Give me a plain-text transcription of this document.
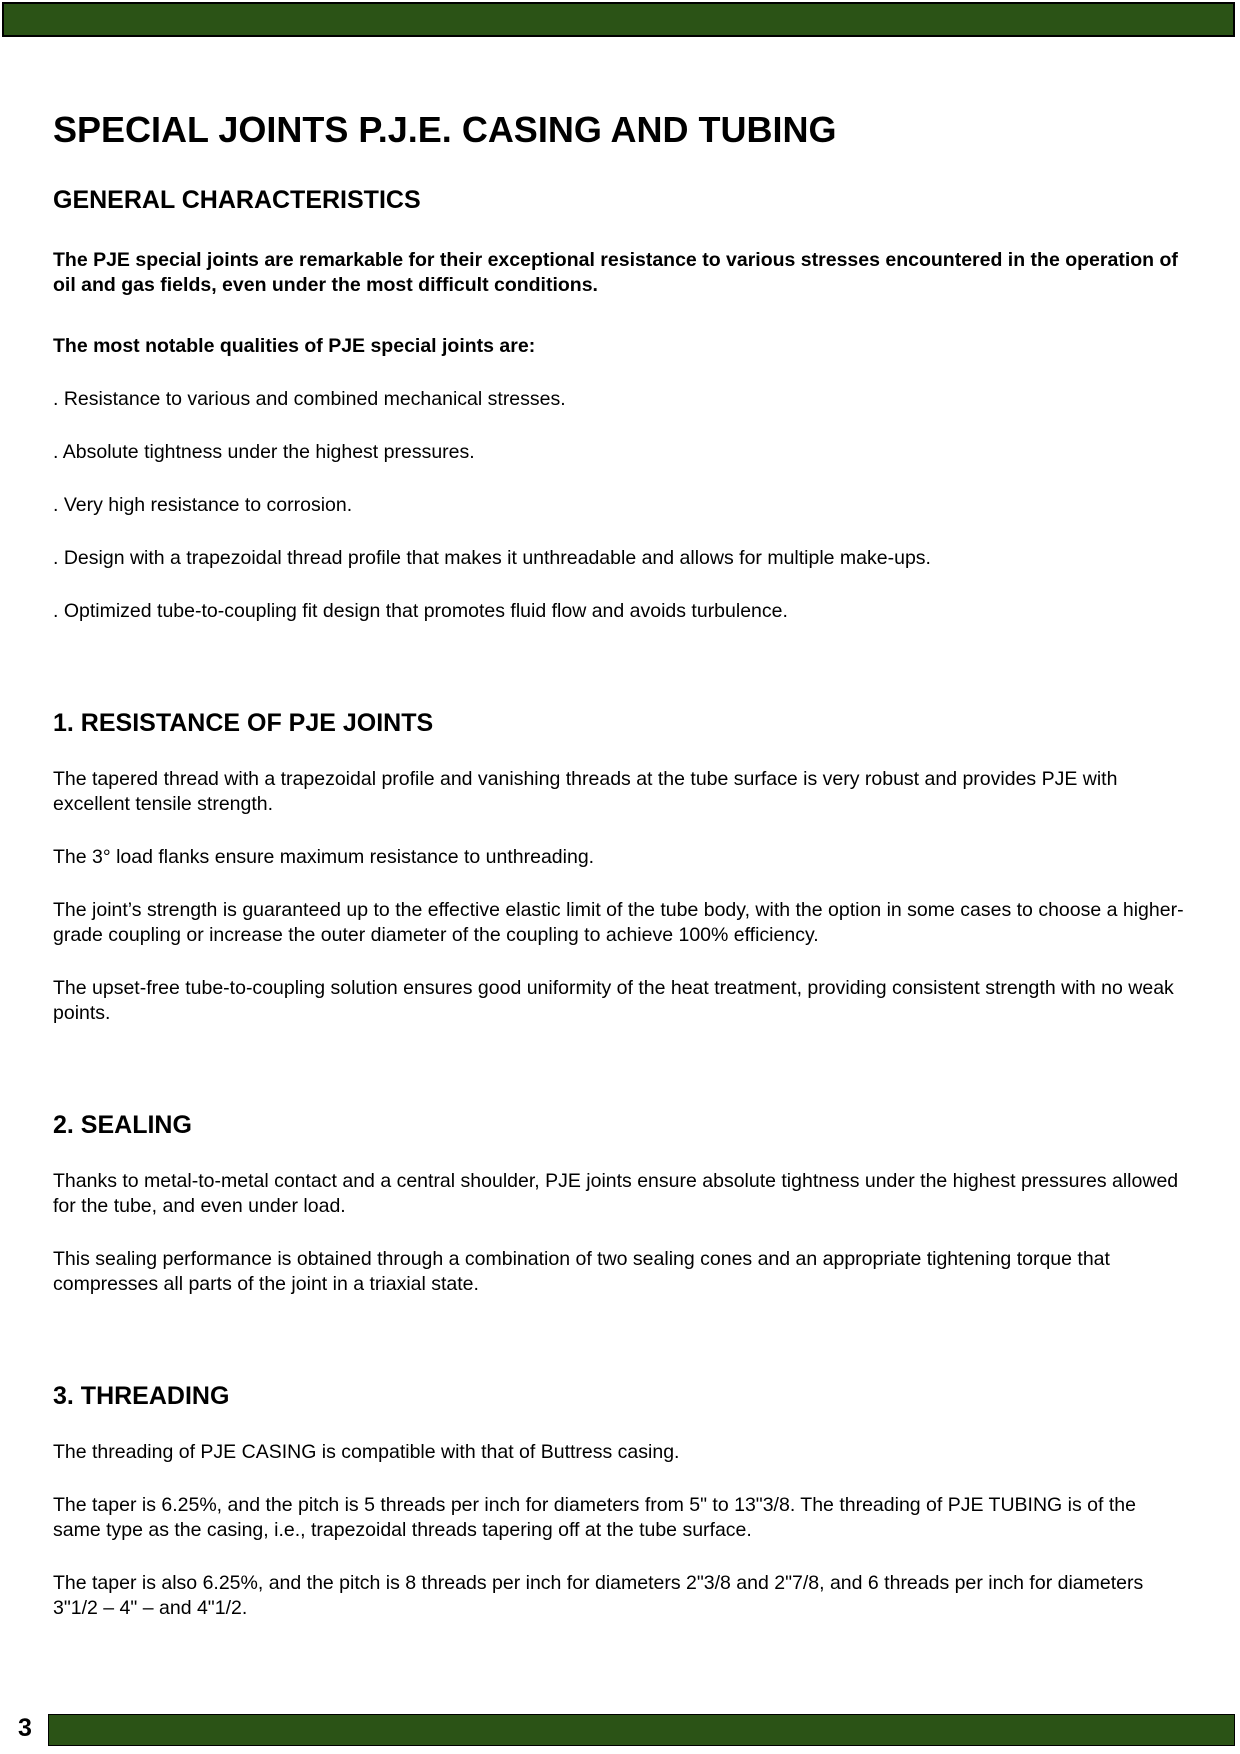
SPECIAL JOINTS P.J.E. CASING AND TUBING
GENERAL CHARACTERISTICS

The PJE special joints are remarkable for their exceptional resistance to various stresses encountered in the operation of oil and gas fields, even under the most difficult conditions.

The most notable qualities of PJE special joints are:

. Resistance to various and combined mechanical stresses.

. Absolute tightness under the highest pressures.

. Very high resistance to corrosion.

. Design with a trapezoidal thread profile that makes it unthreadable and allows for multiple make-ups.

. Optimized tube-to-coupling fit design that promotes fluid flow and avoids turbulence.

1. RESISTANCE OF PJE JOINTS

The tapered thread with a trapezoidal profile and vanishing threads at the tube surface is very robust and provides PJE with excellent tensile strength.

The 3° load flanks ensure maximum resistance to unthreading.

The joint’s strength is guaranteed up to the effective elastic limit of the tube body, with the option in some cases to choose a higher-grade coupling or increase the outer diameter of the coupling to achieve 100% efficiency.

The upset-free tube-to-coupling solution ensures good uniformity of the heat treatment, providing consistent strength with no weak points.

2. SEALING

Thanks to metal-to-metal contact and a central shoulder, PJE joints ensure absolute tightness under the highest pressures allowed for the tube, and even under load.

This sealing performance is obtained through a combination of two sealing cones and an appropriate tightening torque that compresses all parts of the joint in a triaxial state.

3. THREADING

The threading of PJE CASING is compatible with that of Buttress casing.

The taper is 6.25%, and the pitch is 5 threads per inch for diameters from 5" to 13"3/8. The threading of PJE TUBING is of the same type as the casing, i.e., trapezoidal threads tapering off at the tube surface.

The taper is also 6.25%, and the pitch is 8 threads per inch for diameters 2"3/8 and 2"7/8, and 6 threads per inch for diameters 3"1/2 – 4" – and 4"1/2.

3
